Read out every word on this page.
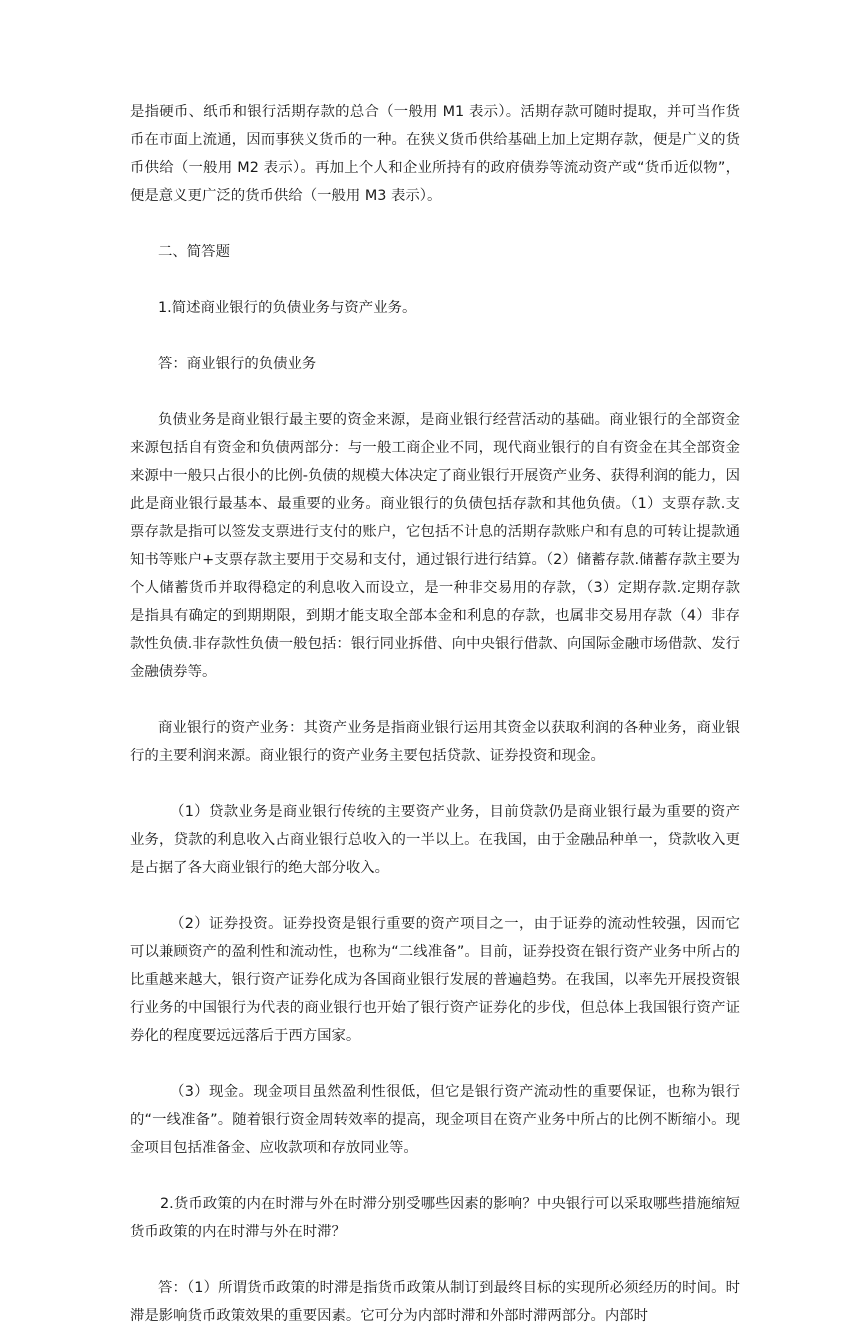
是指硬币、纸币和银行活期存款的总合（一般用 M1 表示）。活期存款可随时提取，并可当作货币在市面上流通，因而事狭义货币的一种。在狭义货币供给基础上加上定期存款，便是广义的货币供给（一般用 M2 表示）。再加上个人和企业所持有的政府债券等流动资产或“货币近似物”，便是意义更广泛的货币供给（一般用 M3 表示）。

二、简答题

1.简述商业银行的负债业务与资产业务。

答：商业银行的负债业务

负债业务是商业银行最主要的资金来源，是商业银行经营活动的基础。商业银行的全部资金来源包括自有资金和负债两部分：与一般工商企业不同，现代商业银行的自有资金在其全部资金来源中一般只占很小的比例-负债的规模大体决定了商业银行开展资产业务、获得利润的能力，因此是商业银行最基本、最重要的业务。商业银行的负债包括存款和其他负债。（1）支票存款.支票存款是指可以签发支票进行支付的账户，它包括不计息的活期存款账户和有息的可转让提款通知书等账户+支票存款主要用于交易和支付，通过银行进行结算。（2）储蓄存款.储蓄存款主要为个人储蓄货币并取得稳定的利息收入而设立，是一种非交易用的存款，（3）定期存款.定期存款是指具有确定的到期期限，到期才能支取全部本金和利息的存款，也属非交易用存款（4）非存款性负债.非存款性负债一般包括：银行同业拆借、向中央银行借款、向国际金融市场借款、发行金融债券等。

商业银行的资产业务：其资产业务是指商业银行运用其资金以获取利润的各种业务，商业银行的主要利润来源。商业银行的资产业务主要包括贷款、证券投资和现金。

（1）贷款业务是商业银行传统的主要资产业务，目前贷款仍是商业银行最为重要的资产业务，贷款的利息收入占商业银行总收入的一半以上。在我国，由于金融品种单一，贷款收入更是占据了各大商业银行的绝大部分收入。

（2）证券投资。证券投资是银行重要的资产项目之一，由于证券的流动性较强，因而它可以兼顾资产的盈利性和流动性，也称为“二线准备”。目前，证券投资在银行资产业务中所占的比重越来越大，银行资产证券化成为各国商业银行发展的普遍趋势。在我国，以率先开展投资银行业务的中国银行为代表的商业银行也开始了银行资产证券化的步伐，但总体上我国银行资产证券化的程度要远远落后于西方国家。

（3）现金。现金项目虽然盈利性很低，但它是银行资产流动性的重要保证，也称为银行的“一线准备”。随着银行资金周转效率的提高，现金项目在资产业务中所占的比例不断缩小。现金项目包括准备金、应收款项和存放同业等。

2.货币政策的内在时滞与外在时滞分别受哪些因素的影响？中央银行可以采取哪些措施缩短货币政策的内在时滞与外在时滞？

答：（1）所谓货币政策的时滞是指货币政策从制订到最终目标的实现所必须经历的时间。时滞是影响货币政策效果的重要因素。它可分为内部时滞和外部时滞两部分。内部时
